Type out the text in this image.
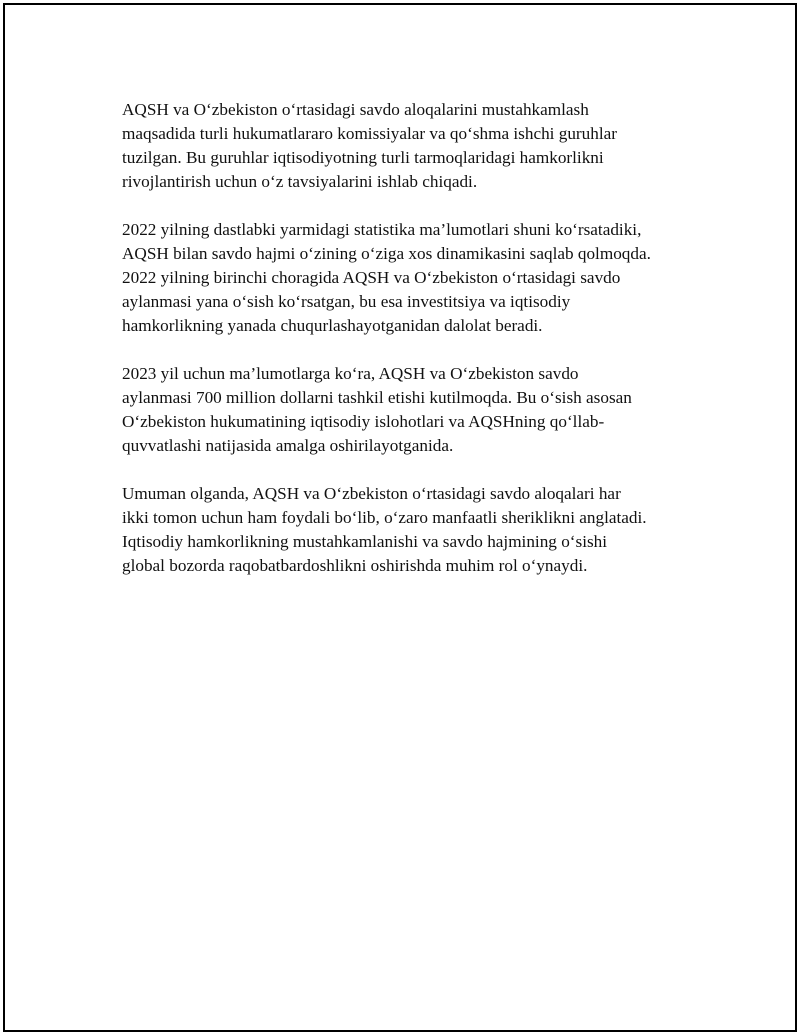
AQSH va O‘zbekiston o‘rtasidagi savdo aloqalarini mustahkamlash
maqsadida turli hukumatlararo komissiyalar va qo‘shma ishchi guruhlar
tuzilgan. Bu guruhlar iqtisodiyotning turli tarmoqlaridagi hamkorlikni
rivojlantirish uchun o‘z tavsiyalarini ishlab chiqadi.

2022 yilning dastlabki yarmidagi statistika ma’lumotlari shuni ko‘rsatadiki,
AQSH bilan savdo hajmi o‘zining o‘ziga xos dinamikasini saqlab qolmoqda.
2022 yilning birinchi choragida AQSH va O‘zbekiston o‘rtasidagi savdo
aylanmasi yana o‘sish ko‘rsatgan, bu esa investitsiya va iqtisodiy
hamkorlikning yanada chuqurlashayotganidan dalolat beradi.

2023 yil uchun ma’lumotlarga ko‘ra, AQSH va O‘zbekiston savdo
aylanmasi 700 million dollarni tashkil etishi kutilmoqda. Bu o‘sish asosan
O‘zbekiston hukumatining iqtisodiy islohotlari va AQSHning qo‘llab-
quvvatlashi natijasida amalga oshirilayotganida.

Umuman olganda, AQSH va O‘zbekiston o‘rtasidagi savdo aloqalari har
ikki tomon uchun ham foydali bo‘lib, o‘zaro manfaatli sheriklikni anglatadi.
Iqtisodiy hamkorlikning mustahkamlanishi va savdo hajmining o‘sishi
global bozorda raqobatbardoshlikni oshirishda muhim rol o‘ynaydi.
